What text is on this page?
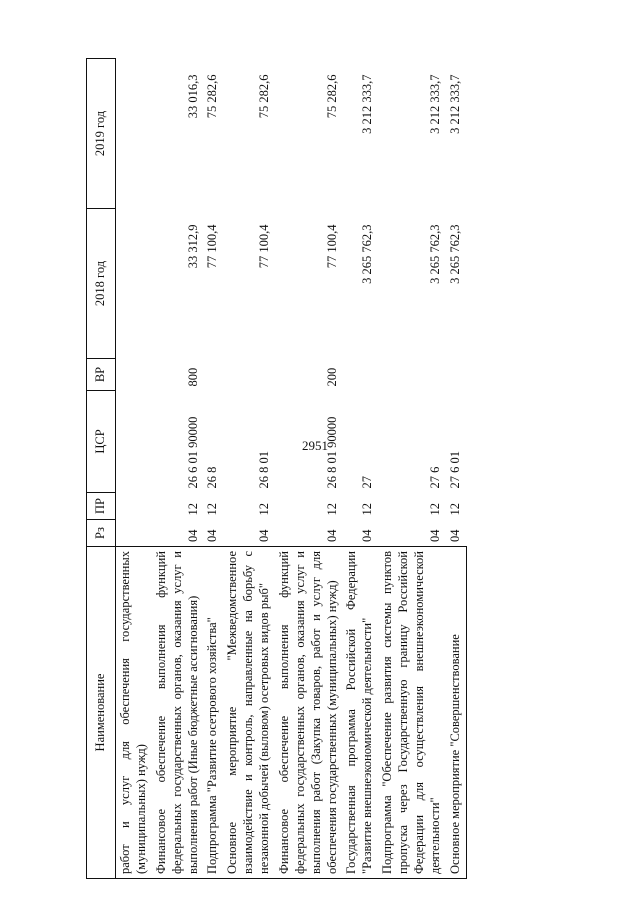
2951
Наименование	Рз	ПР	ЦСР	ВР	2018 год	2019 год
работ и услуг для обеспечения государственных (муниципальных) нужд)						
Финансовое обеспечение выполнения функций федеральных государственных органов, оказания услуг и выполнения работ (Иные бюджетные ассигнования)	04	12	26 6 01 90000	800	33 312,9	33 016,3
Подпрограмма "Развитие осетрового хозяйства"	04	12	26 8		77 100,4	75 282,6
Основное мероприятие "Межведомственное взаимодействие и контроль, направленные на борьбу с незаконной добычей (выловом) осетровых видов рыб"	04	12	26 8 01		77 100,4	75 282,6
Финансовое обеспечение выполнения функций федеральных государственных органов, оказания услуг и выполнения работ (Закупка товаров, работ и услуг для обеспечения государственных (муниципальных) нужд)	04	12	26 8 01 90000	200	77 100,4	75 282,6
Государственная программа Российской Федерации "Развитие внешнеэкономической деятельности"	04	12	27		3 265 762,3	3 212 333,7
Подпрограмма "Обеспечение развития системы пунктов пропуска через Государственную границу Российской Федерации для осуществления внешнеэкономической деятельности"	04	12	27 6		3 265 762,3	3 212 333,7
Основное мероприятие "Совершенствование	04	12	27 6 01		3 265 762,3	3 212 333,7
